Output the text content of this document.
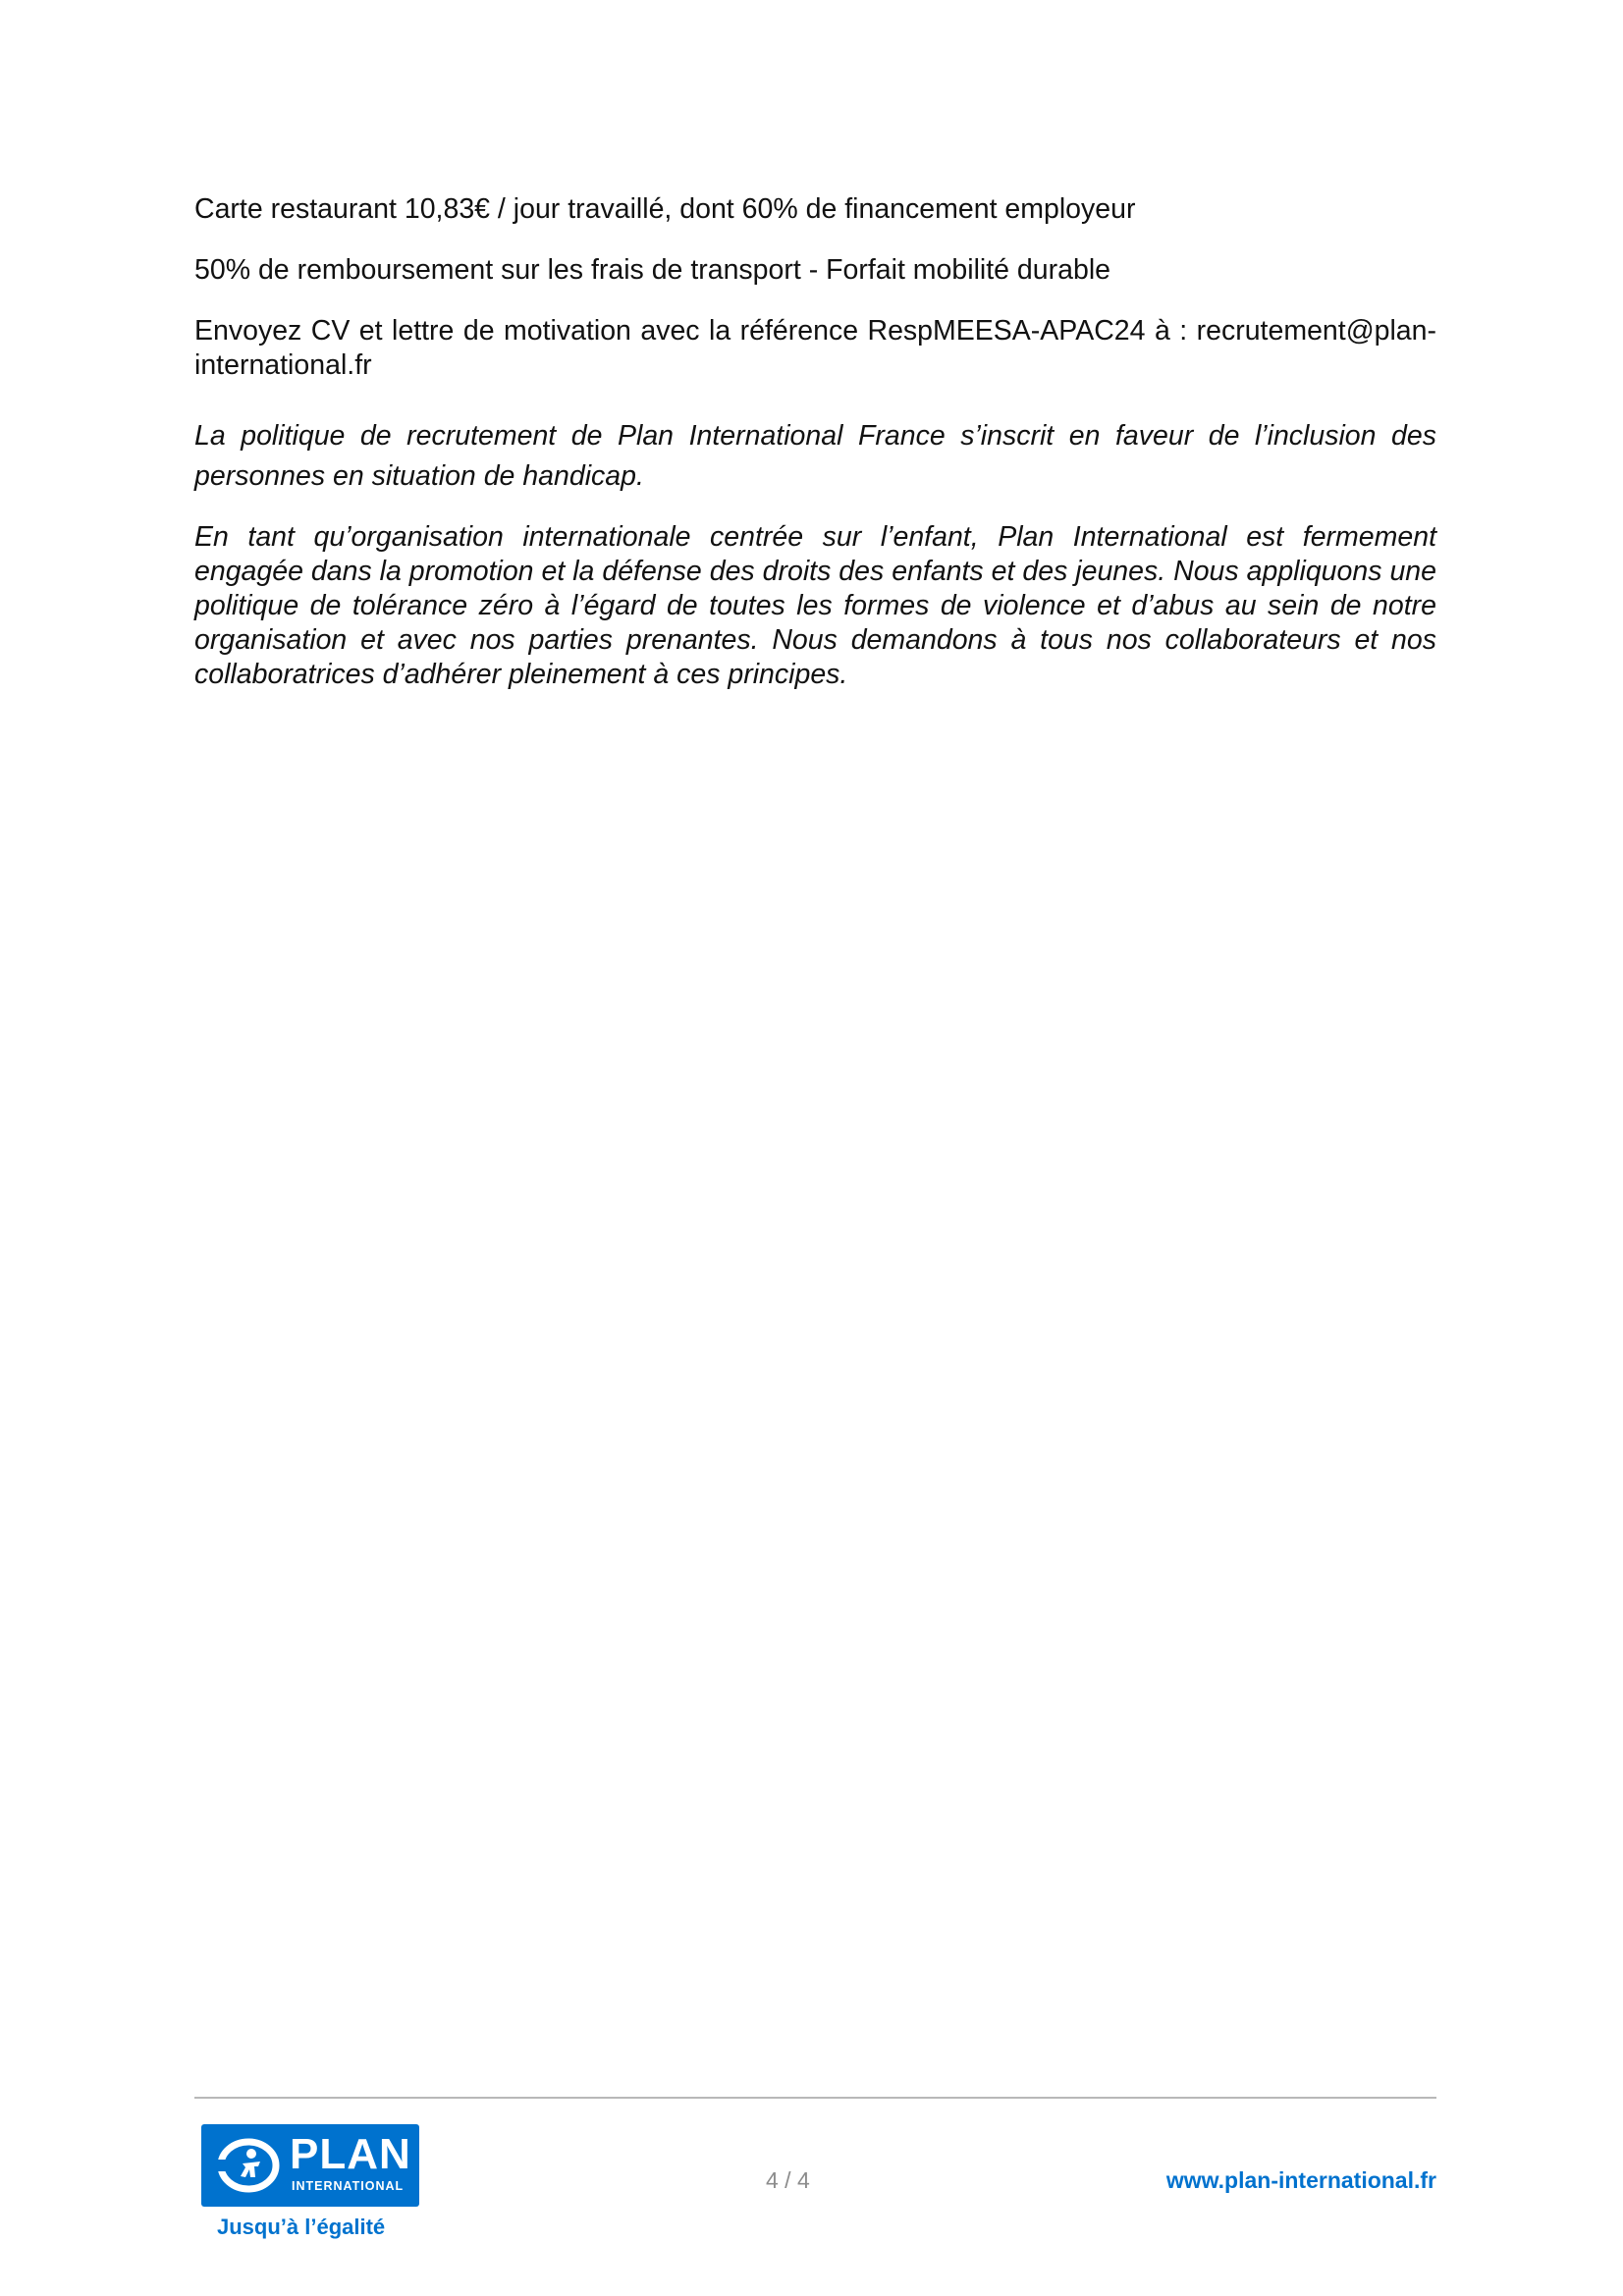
Carte restaurant 10,83€ / jour travaillé, dont 60% de financement employeur

50% de remboursement sur les frais de transport - Forfait mobilité durable

Envoyez CV et lettre de motivation avec la référence RespMEESA-APAC24 à : recrutement@plan-international.fr

La politique de recrutement de Plan International France s’inscrit en faveur de l’inclusion des personnes en situation de handicap.

En tant qu’organisation internationale centrée sur l’enfant, Plan International est fermement engagée dans la promotion et la défense des droits des enfants et des jeunes. Nous appliquons une politique de tolérance zéro à l’égard de toutes les formes de violence et d’abus au sein de notre organisation et avec nos parties prenantes. Nous demandons à tous nos collaborateurs et nos collaboratrices d’adhérer pleinement à ces principes.

PLAN
INTERNATIONAL
Jusqu’à l’égalité
4 / 4	www.plan-international.fr
